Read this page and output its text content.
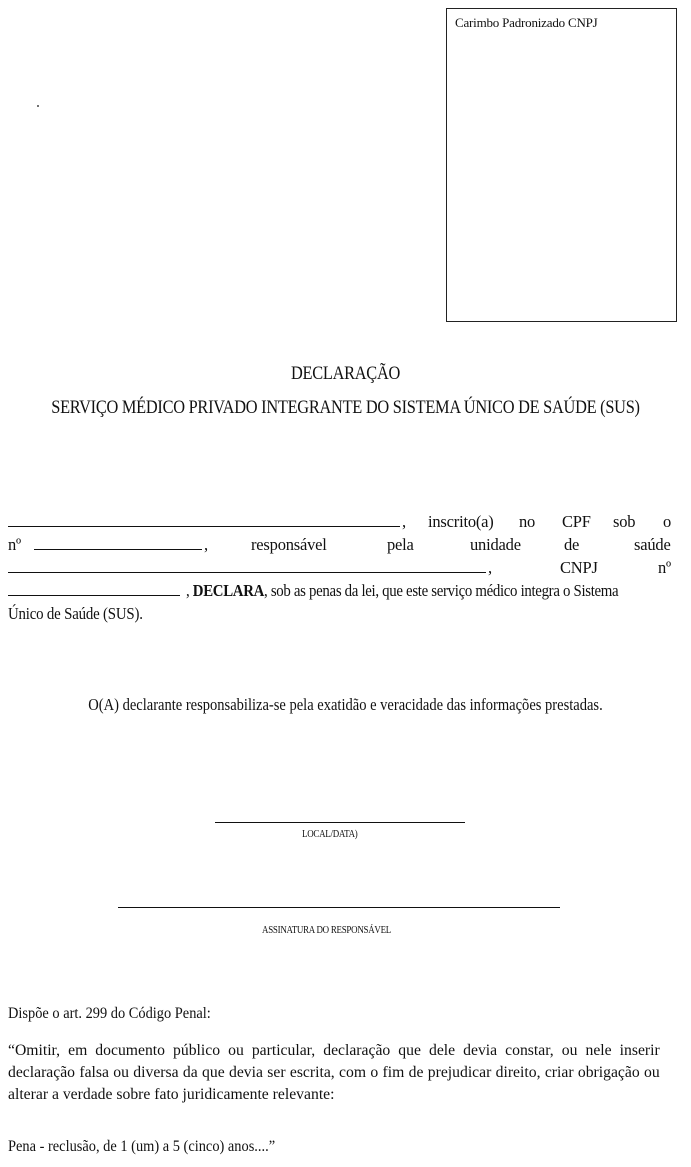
Carimbo Padronizado CNPJ
DECLARAÇÃO
SERVIÇO MÉDICO PRIVADO INTEGRANTE DO SISTEMA ÚNICO DE SAÚDE (SUS)
, inscrito(a) no CPF sob o
nº	,	responsável	pela	unidade	de	saúde
,	CNPJ	nº
, DECLARA, sob as penas da lei, que este serviço médico integra o Sistema
Único de Saúde (SUS).
O(A) declarante responsabiliza-se pela exatidão e veracidade das informações prestadas.
LOCAL/DATA)
ASSINATURA DO RESPONSÁVEL
Dispõe o art. 299 do Código Penal:
“Omitir, em documento público ou particular, declaração que dele devia constar, ou nele inserir declaração falsa ou diversa da que devia ser escrita, com o fim de prejudicar direito, criar obrigação ou alterar a verdade sobre fato juridicamente relevante:
Pena - reclusão, de 1 (um) a 5 (cinco) anos....”
